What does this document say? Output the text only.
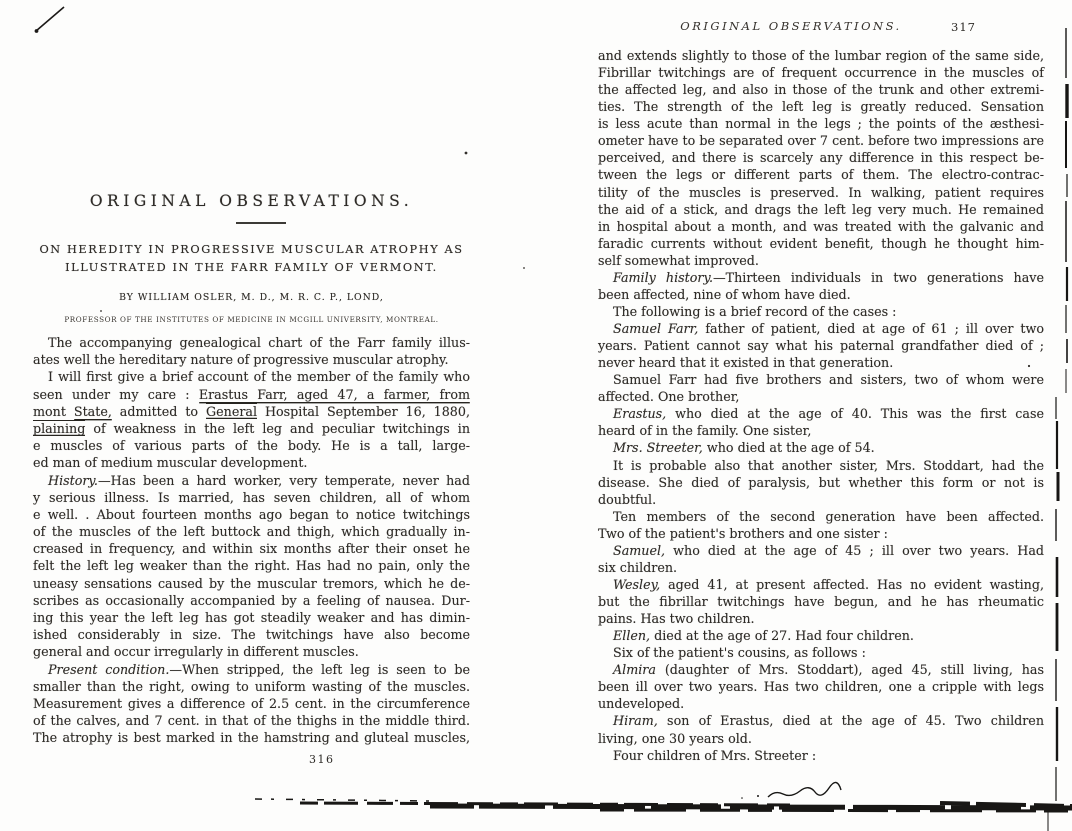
ORIGINAL OBSERVATIONS.
ON HEREDITY IN PROGRESSIVE MUSCULAR ATROPHY AS
ILLUSTRATED IN THE FARR FAMILY OF VERMONT.
BY WILLIAM OSLER, M. D., M. R. C. P., LOND,
PROFESSOR OF THE INSTITUTES OF MEDICINE IN MCGILL UNIVERSITY, MONTREAL.
The accompanying genealogical chart of the Farr family illus-
ates well the hereditary nature of progressive muscular atrophy.
I will first give a brief account of the member of the family who
seen under my care : Erastus Farr, aged 47, a farmer, from
mont State, admitted to General Hospital September 16, 1880,
plaining of weakness in the left leg and peculiar twitchings in
e muscles of various parts of the body. He is a tall, large-
ed man of medium muscular development.
History.—Has been a hard worker, very temperate, never had
y serious illness. Is married, has seven children, all of whom
e well. . About fourteen months ago began to notice twitchings
of the muscles of the left buttock and thigh, which gradually in-
creased in frequency, and within six months after their onset he
felt the left leg weaker than the right. Has had no pain, only the
uneasy sensations caused by the muscular tremors, which he de-
scribes as occasionally accompanied by a feeling of nausea. Dur-
ing this year the left leg has got steadily weaker and has dimin-
ished considerably in size. The twitchings have also become
general and occur irregularly in different muscles.
Present condition.—When stripped, the left leg is seen to be
smaller than the right, owing to uniform wasting of the muscles.
Measurement gives a difference of 2.5 cent. in the circumference
of the calves, and 7 cent. in that of the thighs in the middle third.
The atrophy is best marked in the hamstring and gluteal muscles,
316
ORIGINAL OBSERVATIONS.	317
and extends slightly to those of the lumbar region of the same side,
Fibrillar twitchings are of frequent occurrence in the muscles of
the affected leg, and also in those of the trunk and other extremi-
ties. The strength of the left leg is greatly reduced. Sensation
is less acute than normal in the legs ; the points of the æsthesi-
ometer have to be separated over 7 cent. before two impressions are
perceived, and there is scarcely any difference in this respect be-
tween the legs or different parts of them. The electro-contrac-
tility of the muscles is preserved. In walking, patient requires
the aid of a stick, and drags the left leg very much. He remained
in hospital about a month, and was treated with the galvanic and
faradic currents without evident benefit, though he thought him-
self somewhat improved.
Family history.—Thirteen individuals in two generations have
been affected, nine of whom have died.
The following is a brief record of the cases :
Samuel Farr, father of patient, died at age of 61 ; ill over two
years. Patient cannot say what his paternal grandfather died of ;
never heard that it existed in that generation.
Samuel Farr had five brothers and sisters, two of whom were
affected. One brother,
Erastus, who died at the age of 40. This was the first case
heard of in the family. One sister,
Mrs. Streeter, who died at the age of 54.
It is probable also that another sister, Mrs. Stoddart, had the
disease. She died of paralysis, but whether this form or not is
doubtful.
Ten members of the second generation have been affected.
Two of the patient's brothers and one sister :
Samuel, who died at the age of 45 ; ill over two years. Had
six children.
Wesley, aged 41, at present affected. Has no evident wasting,
but the fibrillar twitchings have begun, and he has rheumatic
pains. Has two children.
Ellen, died at the age of 27. Had four children.
Six of the patient's cousins, as follows :
Almira (daughter of Mrs. Stoddart), aged 45, still living, has
been ill over two years. Has two children, one a cripple with legs
undeveloped.
Hiram, son of Erastus, died at the age of 45. Two children
living, one 30 years old.
Four children of Mrs. Streeter :
